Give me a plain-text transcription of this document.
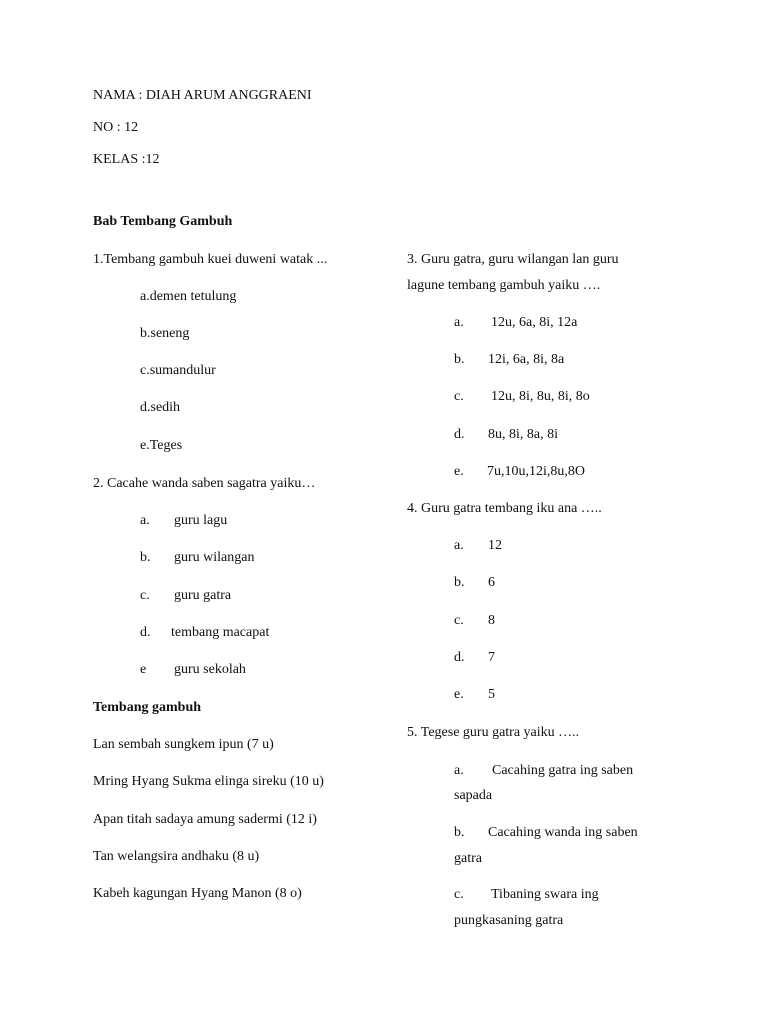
NAMA : DIAH ARUM ANGGRAENI
NO : 12
KELAS :12
Bab Tembang Gambuh
1.Tembang gambuh kuei duweni watak ...
a.demen tetulung
b.seneng
c.sumandulur
d.sedih
e.Teges
2. Cacahe wanda saben sagatra yaiku…
a. guru lagu
b. guru wilangan
c. guru gatra
d. tembang macapat
e guru sekolah
Tembang gambuh
Lan sembah sungkem ipun (7 u)
Mring Hyang Sukma elinga sireku (10 u)
Apan titah sadaya amung sadermi (12 i)
Tan welangsira andhaku (8 u)
Kabeh kagungan Hyang Manon (8 o)
3. Guru gatra, guru wilangan lan guru
lagune tembang gambuh yaiku ….
a. 12u, 6a, 8i, 12a
b. 12i, 6a, 8i, 8a
c. 12u, 8i, 8u, 8i, 8o
d. 8u, 8i, 8a, 8i
e. 7u,10u,12i,8u,8O
4. Guru gatra tembang iku ana …..
a. 12
b. 6
c. 8
d. 7
e. 5
5. Tegese guru gatra yaiku …..
a. Cacahing gatra ing saben
sapada
b. Cacahing wanda ing saben
gatra
c. Tibaning swara ing
pungkasaning gatra
